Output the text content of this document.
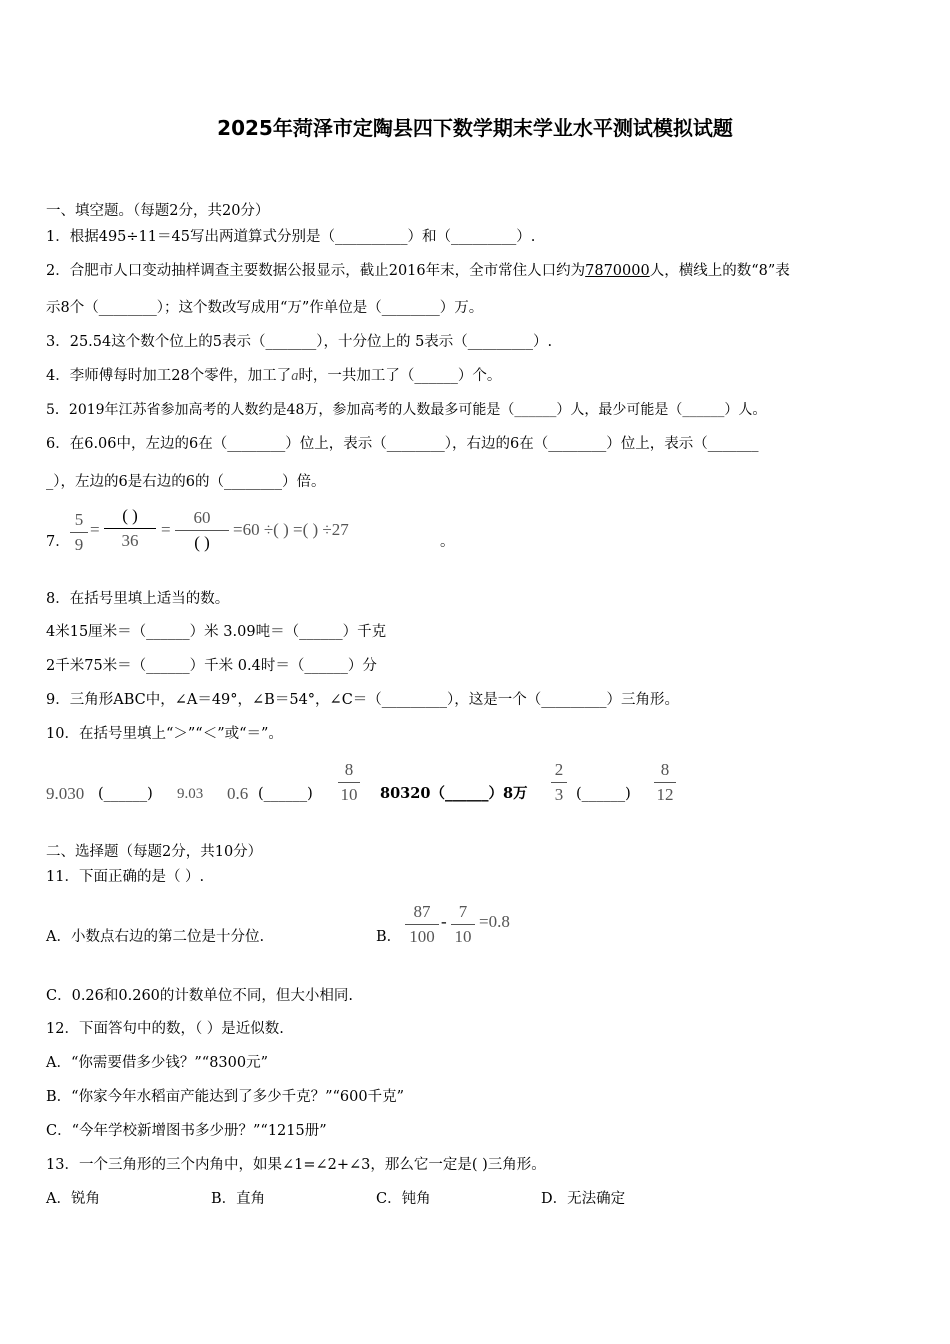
2025年菏泽市定陶县四下数学期末学业水平测试模拟试题
一、填空题。（每题2分，共20分）
1．根据495÷11＝45写出两道算式分别是（__________）和（_________）.
2．合肥市人口变动抽样调查主要数据公报显示，截止2016年末，全市常住人口约为7870000人，横线上的数“8”表
示8个（________）；这个数改写成用“万”作单位是（________）万。
3．25.54这个数个位上的5表示（_______），十分位上的 5表示（_________）.
4．李师傅每时加工28个零件，加工了a时，一共加工了（______）个。
5．2019年江苏省参加高考的人数约是48万，参加高考的人数最多可能是（______）人，最少可能是（______）人。
6．在6.06中，左边的6在（________）位上，表示（________），右边的6在（________）位上，表示（_______
_），左边的6是右边的6的（________）倍。
7．
5
9
=
( )
36
=
60
( )
=60 ÷( ) =( ) ÷27
。
8．在括号里填上适当的数。
4米15厘米＝（______）米 3.09吨＝（______）千克
2千米75米＝（______）千米 0.4时＝（______）分
9．三角形ABC中，∠A＝49°，∠B＝54°，∠C＝（_________），这是一个（_________）三角形。
10．在括号里填上“＞”“＜”或“＝”。
9.030 (______) 9.03 0.6 (______)
8
10 80320（______）8万
2
3 (______)
8
12
二、选择题（每题2分，共10分）
11．下面正确的是（ ）.
A．小数点右边的第二位是十分位.	B．
87
100
-
7
10
=0.8
C．0.26和0.260的计数单位不同，但大小相同.
12．下面答句中的数，（ ）是近似数.
A．“你需要借多少钱？”“8300元”
B．“你家今年水稻亩产能达到了多少千克？”“600千克”
C．“今年学校新增图书多少册？”“1215册”
13．一个三角形的三个内角中，如果∠1=∠2+∠3，那么它一定是( )三角形。
A．锐角	B．直角	C．钝角	D．无法确定
